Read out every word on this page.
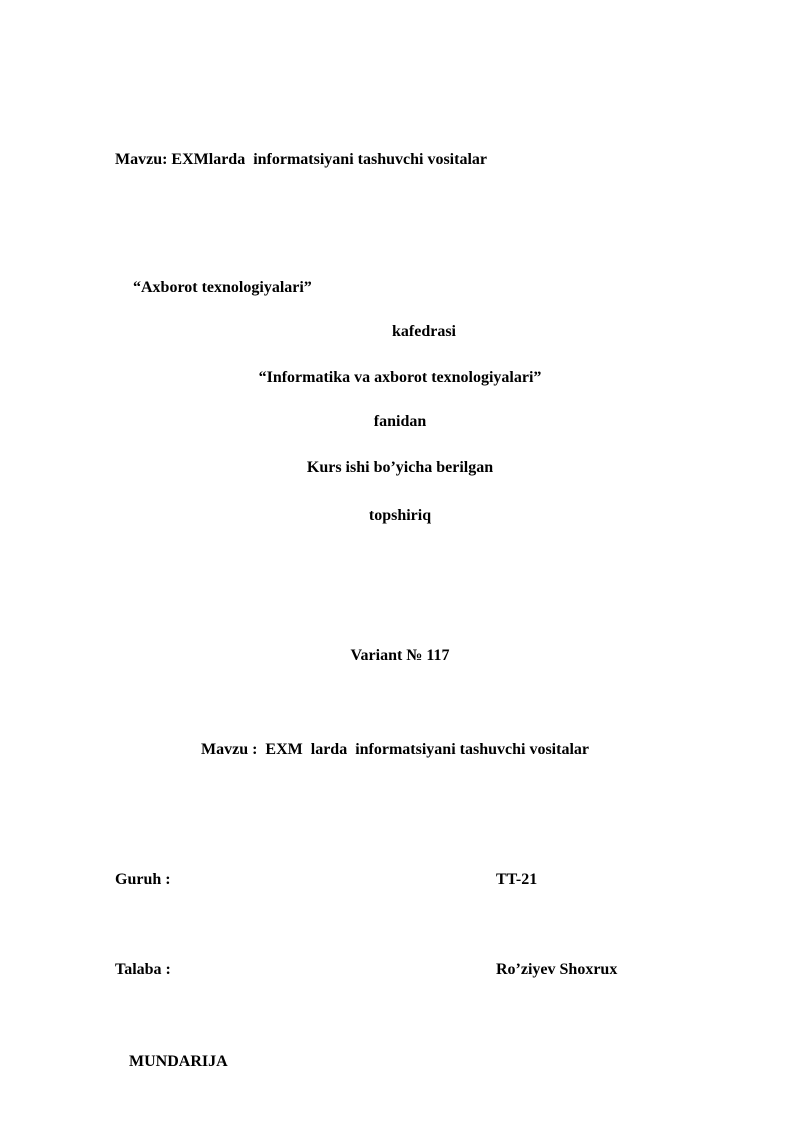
Mavzu: EXMlarda  informatsiyani tashuvchi vositalar

“Axborot texnologiyalari”

kafedrasi

“Informatika va axborot texnologiyalari”

fanidan

Kurs ishi bo’yicha berilgan

topshiriq

Variant № 117

Mavzu :  EXM  larda  informatsiyani tashuvchi vositalar

Guruh :	TT-21

Talaba :	Ro’ziyev Shoxrux

MUNDARIJA
